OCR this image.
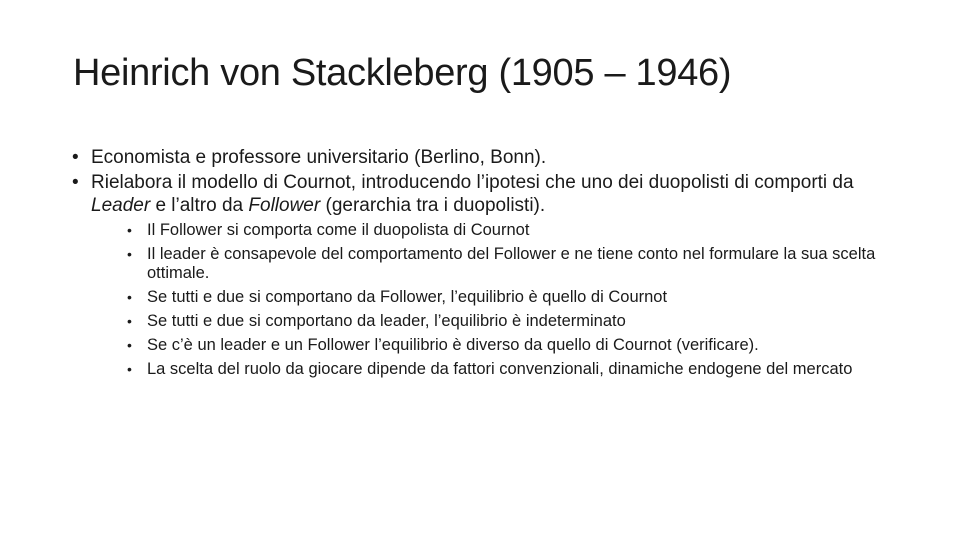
Heinrich von Stackleberg (1905 – 1946)
• Economista e professore universitario (Berlino, Bonn).
• Rielabora il modello di Cournot, introducendo l’ipotesi che uno dei duopolisti di comporti da Leader e l’altro da Follower (gerarchia tra i duopolisti).
• Il Follower si comporta come il duopolista di Cournot
• Il leader è consapevole del comportamento del Follower e ne tiene conto nel formulare la sua scelta ottimale.
• Se tutti e due si comportano da Follower, l’equilibrio è quello di Cournot
• Se tutti e due si comportano da leader, l’equilibrio è indeterminato
• Se c’è un leader e un Follower l’equilibrio è diverso da quello di Cournot (verificare).
• La scelta del ruolo da giocare dipende da fattori convenzionali, dinamiche endogene del mercato
